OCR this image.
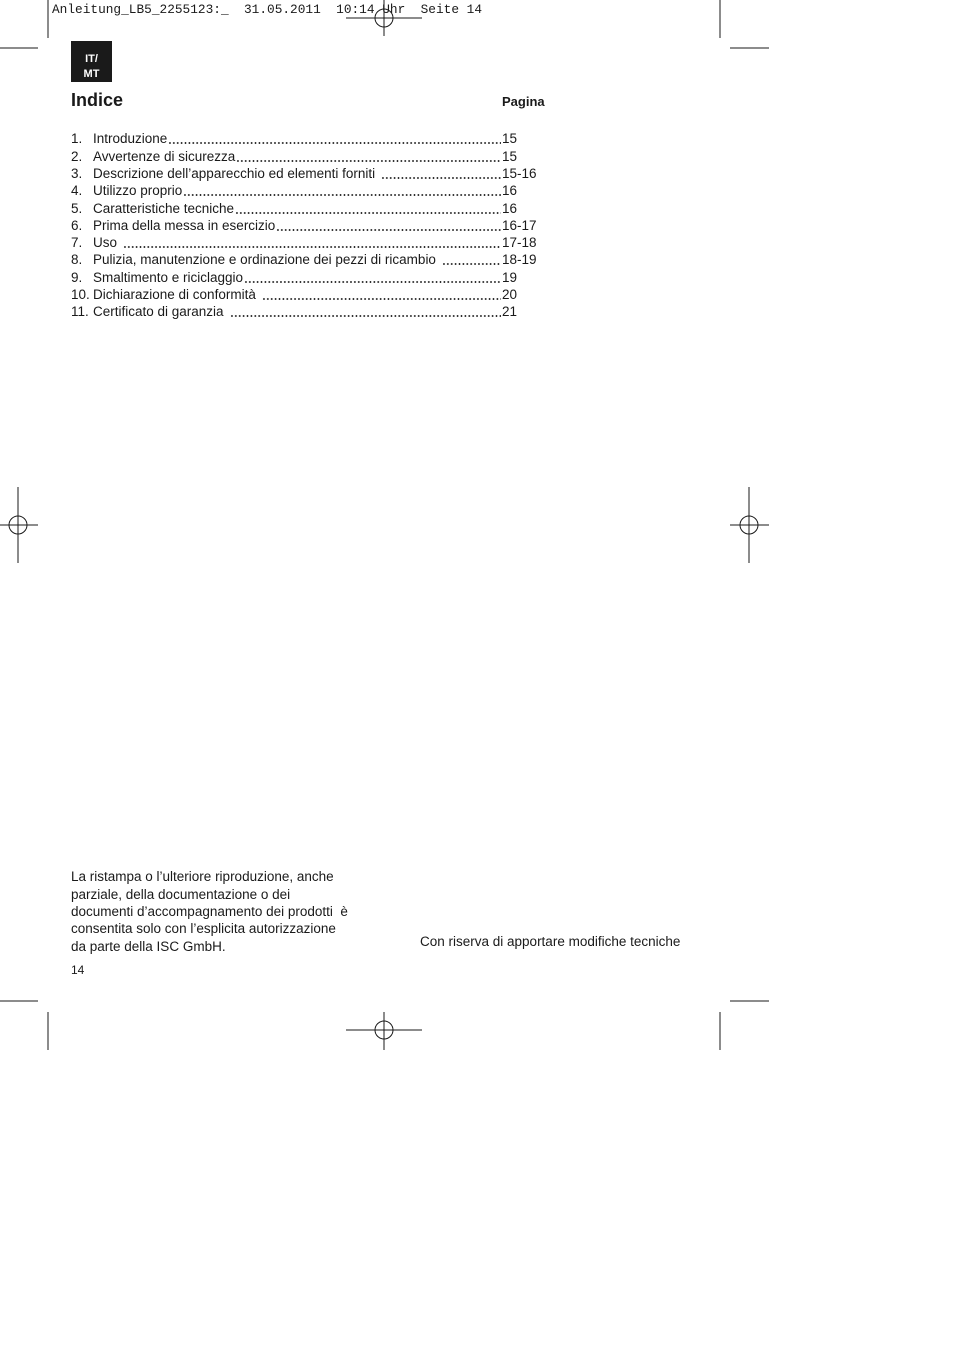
Anleitung_LB5_2255123:_  31.05.2011  10:14 Uhr  Seite 14
IT/
MT
Indice	Pagina
1. Introduzione	15
2. Avvertenze di sicurezza	15
3. Descrizione dell’apparecchio ed elementi forniti	15-16
4. Utilizzo proprio	16
5. Caratteristiche tecniche	16
6. Prima della messa in esercizio	16-17
7. Uso	17-18
8. Pulizia, manutenzione e ordinazione dei pezzi di ricambio	18-19
9. Smaltimento e riciclaggio	19
10. Dichiarazione di conformità	20
11. Certificato di garanzia	21
La ristampa o l’ulteriore riproduzione, anche
parziale, della documentazione o dei
documenti d’accompagnamento dei prodotti  è
consentita solo con l’esplicita autorizzazione
da parte della ISC GmbH.	Con riserva di apportare modifiche tecniche
14
